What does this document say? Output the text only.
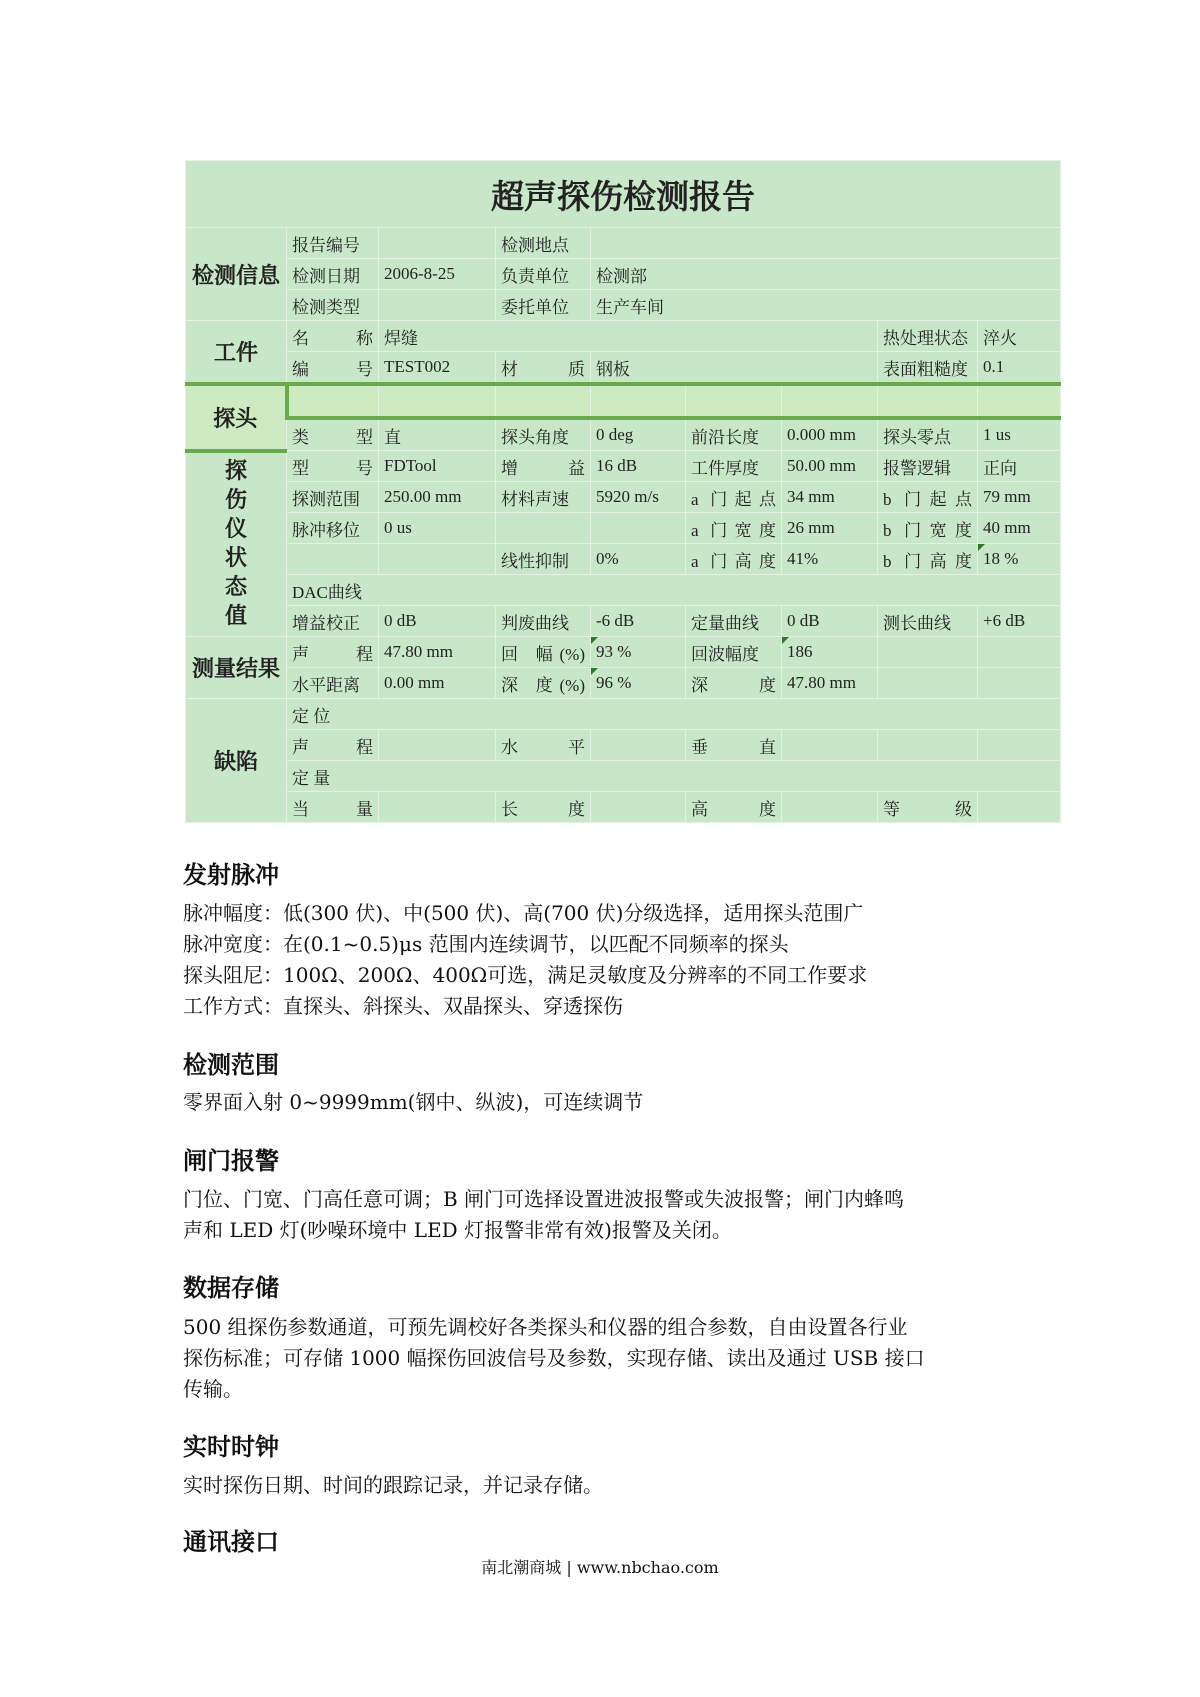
超声探伤检测报告								
检测信息	报告编号		检测地点					
	检测日期	2006-8-25	负责单位	检测部				
	检测类型		委托单位	生产车间				
工件	名 称	焊缝					热处理状态	淬火
	编 号	TEST002	材 质	钢板			表面粗糙度	0.1
探头								
	类 型	直	探头角度	0 deg	前沿长度	0.000 mm	探头零点	1 us
探伤仪状态值	型 号	FDTool	增 益	16 dB	工件厚度	50.00 mm	报警逻辑	正向
	探测范围	250.00 mm	材料声速	5920 m/s	a 门起点	34 mm	b 门起点	79 mm
	脉冲移位	0 us			a 门宽度	26 mm	b 门宽度	40 mm
			线性抑制	0%	a 门高度	41%	b 门高度	18 %
	DAC曲线							
	增益校正	0 dB	判废曲线	-6 dB	定量曲线	0 dB	测长曲线	+6 dB
测量结果	声 程	47.80 mm	回 幅(%)	93 %	回波幅度	186		
	水平距离	0.00 mm	深 度(%)	96 %	深 度	47.80 mm		
缺陷	定 位							
	声 程		水 平		垂 直			
	定 量							
	当 量		长 度		高 度		等 级	
发射脉冲
脉冲幅度：低(300 伏)、中(500 伏)、高(700 伏)分级选择，适用探头范围广
脉冲宽度：在(0.1~0.5)μs 范围内连续调节，以匹配不同频率的探头
探头阻尼：100Ω、200Ω、400Ω可选，满足灵敏度及分辨率的不同工作要求
工作方式：直探头、斜探头、双晶探头、穿透探伤
检测范围
零界面入射 0~9999mm(钢中、纵波)，可连续调节
闸门报警
门位、门宽、门高任意可调；B 闸门可选择设置进波报警或失波报警；闸门内蜂鸣
声和 LED 灯(吵噪环境中 LED 灯报警非常有效)报警及关闭。
数据存储
500 组探伤参数通道，可预先调校好各类探头和仪器的组合参数，自由设置各行业
探伤标准；可存储 1000 幅探伤回波信号及参数，实现存储、读出及通过 USB 接口
传输。
实时时钟
实时探伤日期、时间的跟踪记录，并记录存储。
通讯接口
南北潮商城 | www.nbchao.com
